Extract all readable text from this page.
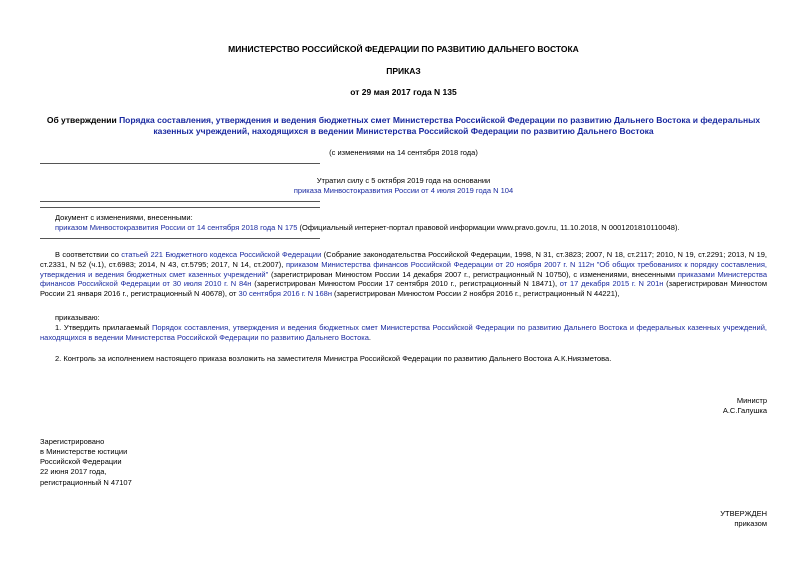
МИНИСТЕРСТВО РОССИЙСКОЙ ФЕДЕРАЦИИ ПО РАЗВИТИЮ ДАЛЬНЕГО ВОСТОКА
ПРИКАЗ
от 29 мая 2017 года N 135
Об утверждении Порядка составления, утверждения и ведения бюджетных смет Министерства Российской Федерации по развитию Дальнего Востока и федеральных казенных учреждений, находящихся в ведении Министерства Российской Федерации по развитию Дальнего Востока
(с изменениями на 14 сентября 2018 года)
Утратил силу с 5 октября 2019 года на основании
приказа Минвостокразвития России от 4 июля 2019 года N 104
Документ с изменениями, внесенными:
приказом Минвостокразвития России от 14 сентября 2018 года N 175 (Официальный интернет-портал правовой информации www.pravo.gov.ru, 11.10.2018, N 0001201810110048).
В соответствии со статьей 221 Бюджетного кодекса Российской Федерации (Собрание законодательства Российской Федерации, 1998, N 31, ст.3823; 2007, N 18, ст.2117; 2010, N 19, ст.2291; 2013, N 19, ст.2331, N 52 (ч.1), ст.6983; 2014, N 43, ст.5795; 2017, N 14, ст.2007), приказом Министерства финансов Российской Федерации от 20 ноября 2007 г. N 112н "Об общих требованиях к порядку составления, утверждения и ведения бюджетных смет казенных учреждений" (зарегистрирован Минюстом России 14 декабря 2007 г., регистрационный N 10750), с изменениями, внесенными приказами Министерства финансов Российской Федерации от 30 июля 2010 г. N 84н (зарегистрирован Минюстом России 17 сентября 2010 г., регистрационный N 18471), от 17 декабря 2015 г. N 201н (зарегистрирован Минюстом России 21 января 2016 г., регистрационный N 40678), от 30 сентября 2016 г. N 168н (зарегистрирован Минюстом России 2 ноября 2016 г., регистрационный N 44221),
приказываю:
1. Утвердить прилагаемый Порядок составления, утверждения и ведения бюджетных смет Министерства Российской Федерации по развитию Дальнего Востока и федеральных казенных учреждений, находящихся в ведении Министерства Российской Федерации по развитию Дальнего Востока.
2. Контроль за исполнением настоящего приказа возложить на заместителя Министра Российской Федерации по развитию Дальнего Востока А.К.Ниязметова.
Министр
А.С.Галушка
Зарегистрировано
в Министерстве юстиции
Российской Федерации
22 июня 2017 года,
регистрационный N 47107
УТВЕРЖДЕН
приказом
